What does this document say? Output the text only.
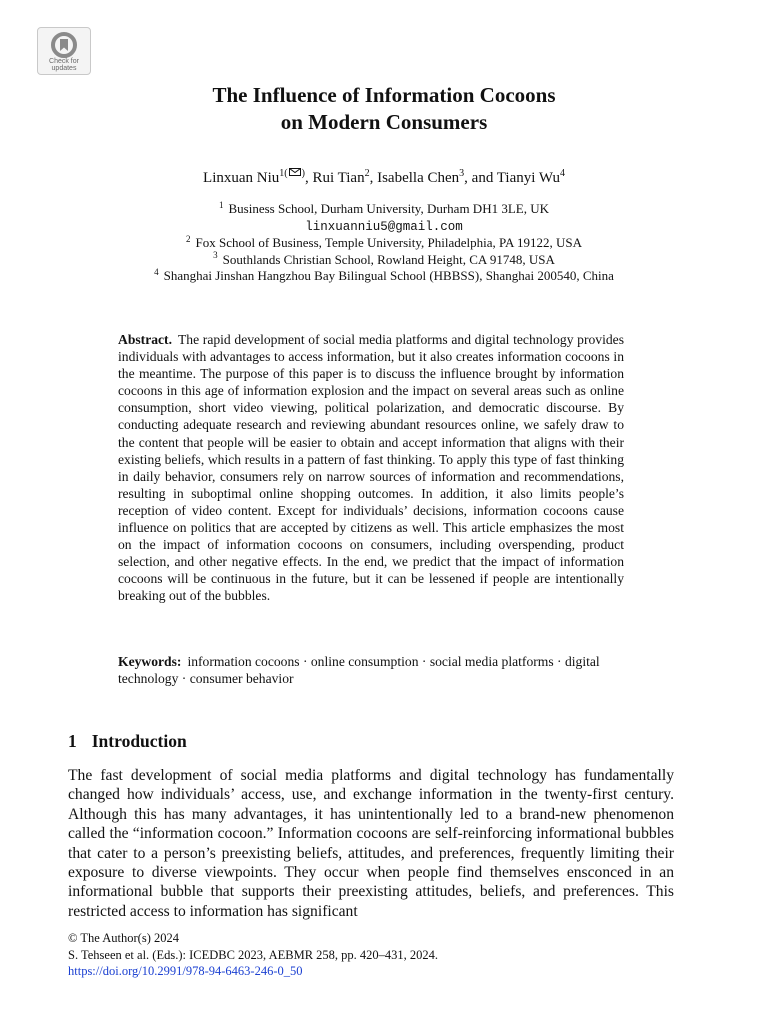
Check for
updates
The Influence of Information Cocoons
on Modern Consumers
Linxuan Niu$^{1( )}$, Rui Tian$^2$, Isabella Chen$^3$, and Tianyi Wu$^4$
$^1$ Business School, Durham University, Durham DH1 3LE, UK
linxuanniu5@gmail.com
$^2$ Fox School of Business, Temple University, Philadelphia, PA 19122, USA
$^3$ Southlands Christian School, Rowland Height, CA 91748, USA
$^4$ Shanghai Jinshan Hangzhou Bay Bilingual School (HBBSS), Shanghai 200540, China
Abstract. The rapid development of social media platforms and digital technology provides individuals with advantages to access information, but it also creates information cocoons in the meantime. The purpose of this paper is to discuss the influence brought by information cocoons in this age of information explosion and the impact on several areas such as online consumption, short video viewing, political polarization, and democratic discourse. By conducting adequate research and reviewing abundant resources online, we safely draw to the content that people will be easier to obtain and accept information that aligns with their existing beliefs, which results in a pattern of fast thinking. To apply this type of fast thinking in daily behavior, consumers rely on narrow sources of information and recommendations, resulting in suboptimal online shopping outcomes. In addition, it also limits people’s reception of video content. Except for individuals’ decisions, information cocoons cause influence on politics that are accepted by citizens as well. This article emphasizes the most on the impact of information cocoons on consumers, including overspending, product selection, and other negative effects. In the end, we predict that the impact of information cocoons will be continuous in the future, but it can be lessened if people are intentionally breaking out of the bubbles.
Keywords: information cocoons · online consumption · social media platforms · digital technology · consumer behavior
1 Introduction
The fast development of social media platforms and digital technology has fundamentally changed how individuals’ access, use, and exchange information in the twenty-first century. Although this has many advantages, it has unintentionally led to a brand-new phenomenon called the “information cocoon.” Information cocoons are self-reinforcing informational bubbles that cater to a person’s preexisting beliefs, attitudes, and preferences, frequently limiting their exposure to diverse viewpoints. They occur when people find themselves ensconced in an informational bubble that supports their preexisting attitudes, beliefs, and preferences. This restricted access to information has significant
© The Author(s) 2024
S. Tehseen et al. (Eds.): ICEDBC 2023, AEBMR 258, pp. 420–431, 2024.
https://doi.org/10.2991/978-94-6463-246-0_50
